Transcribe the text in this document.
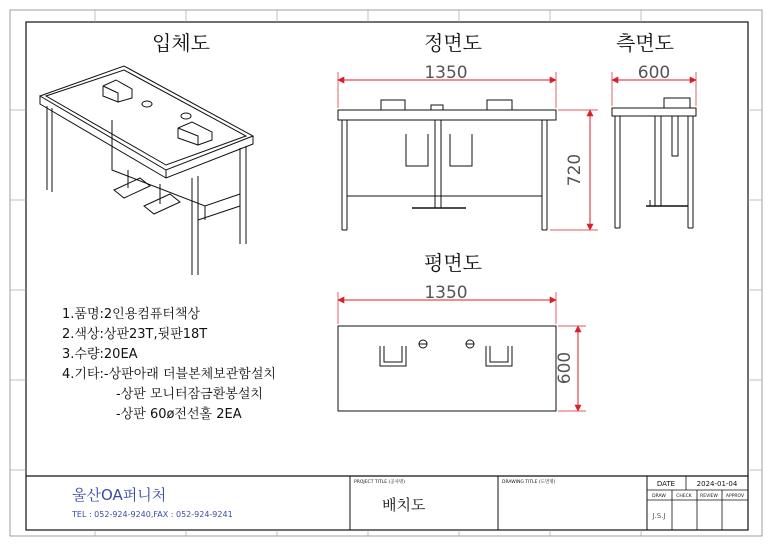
입체도	정면도	측면도
평면도
1350
720
600
1350
600
1.품명:2인용컴퓨터책상
2.색상:상판23T,뒷판18T
3.수량:20EA
4.기타:-상판아래 더블본체보관함설치
-상판 모니터잠금환봉설치
-상판 60ø전선홀 2EA
울산OA퍼니처
TEL : 052-924-9240,FAX : 052-924-9241
PROJECT TITLE (공사명)
배치도
DRAWING TITLE (도면명)	DATE	2024-01-04
DRAW CHECK REVIEW APPROV
J.S.J
